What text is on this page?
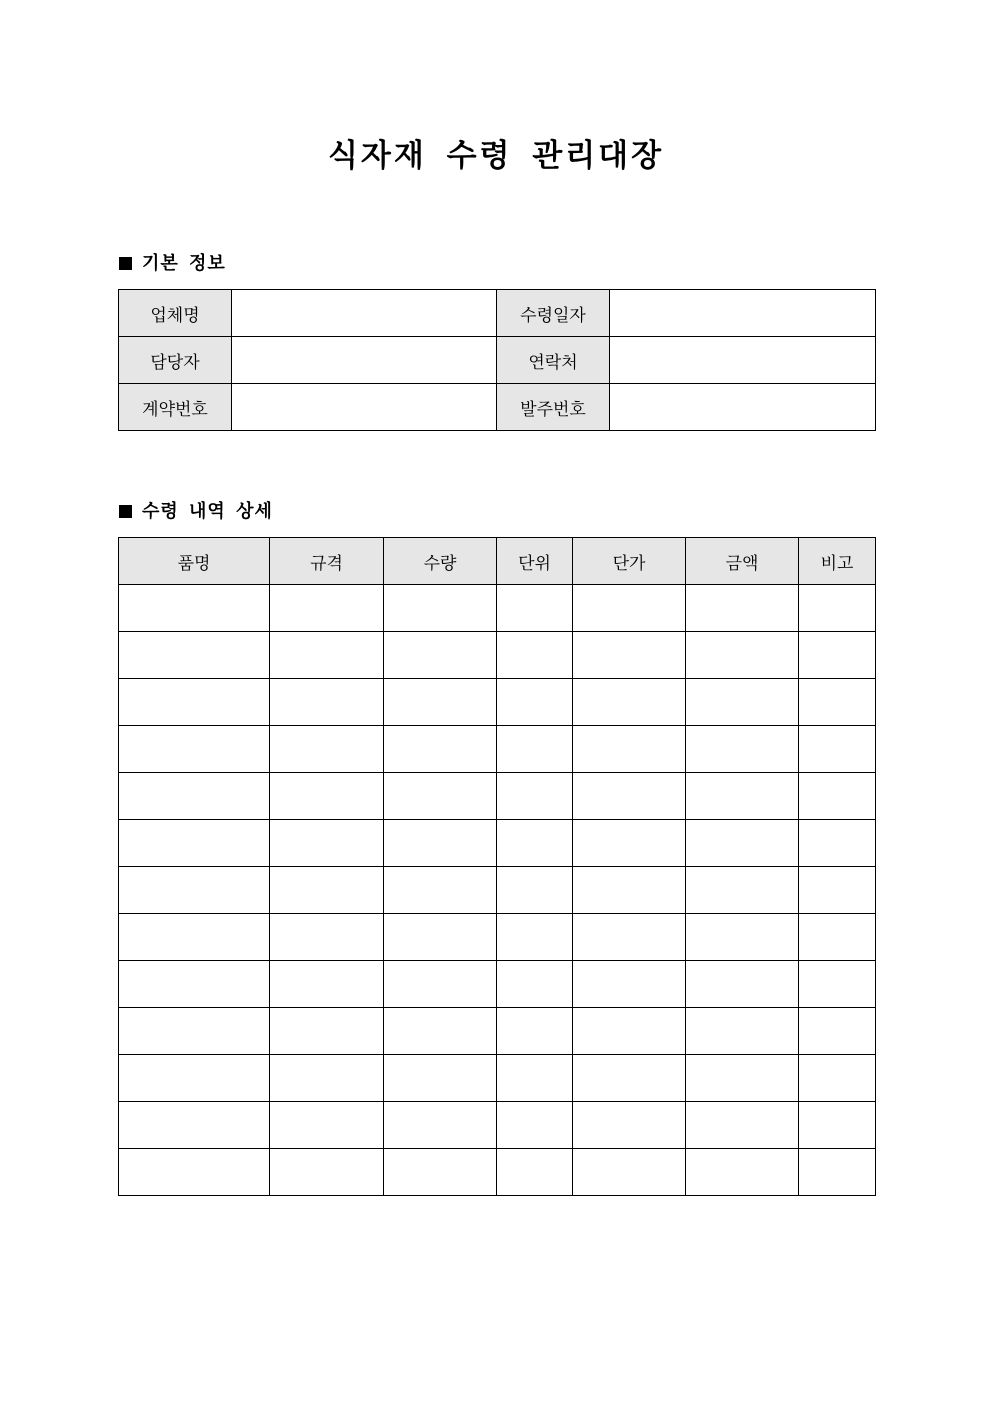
식자재 수령 관리대장
기본 정보
업체명		수령일자	
담당자		연락처	
계약번호		발주번호	
수령 내역 상세
품명	규격	수량	단위	단가	금액	비고
